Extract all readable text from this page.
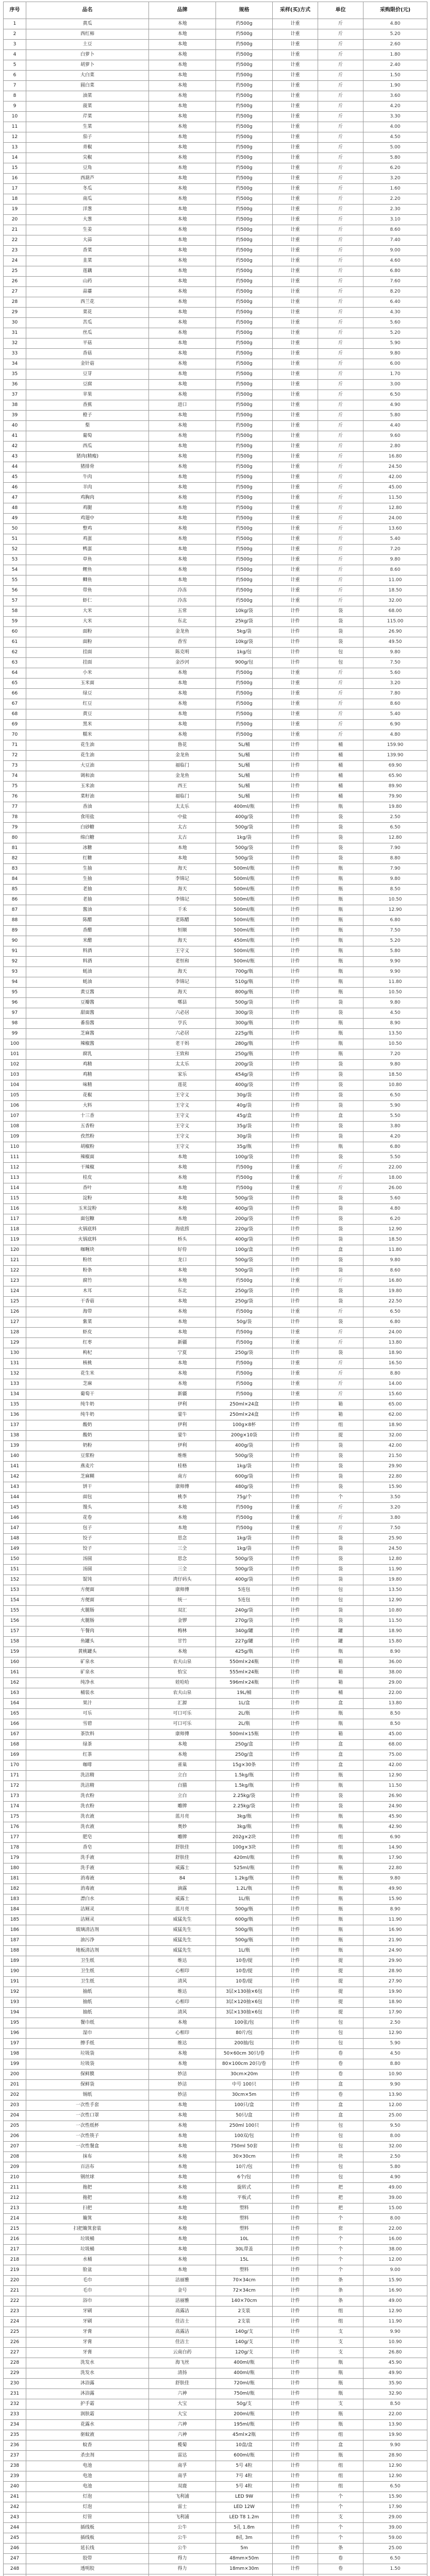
序号	品名	品牌	规格	采样(买)方式	单位	采购限价(元)
1	黄瓜	本地	约500g	计重	斤	4.80
2	西红柿	本地	约500g	计重	斤	5.20
3	土豆	本地	约500g	计重	斤	2.60
4	白萝卜	本地	约500g	计重	斤	1.80
5	胡萝卜	本地	约500g	计重	斤	2.40
6	大白菜	本地	约500g	计重	斤	1.50
7	圆白菜	本地	约500g	计重	斤	1.90
8	油菜	本地	约500g	计重	斤	3.60
9	菠菜	本地	约500g	计重	斤	4.20
10	芹菜	本地	约500g	计重	斤	3.30
11	生菜	本地	约500g	计重	斤	4.00
12	茄子	本地	约500g	计重	斤	4.50
13	青椒	本地	约500g	计重	斤	5.00
14	尖椒	本地	约500g	计重	斤	5.80
15	豆角	本地	约500g	计重	斤	6.20
16	西葫芦	本地	约500g	计重	斤	3.20
17	冬瓜	本地	约500g	计重	斤	1.60
18	南瓜	本地	约500g	计重	斤	2.20
19	洋葱	本地	约500g	计重	斤	2.30
20	大葱	本地	约500g	计重	斤	3.10
21	生姜	本地	约500g	计重	斤	8.60
22	大蒜	本地	约500g	计重	斤	7.40
23	香菜	本地	约500g	计重	斤	9.00
24	韭菜	本地	约500g	计重	斤	4.60
25	莲藕	本地	约500g	计重	斤	6.80
26	山药	本地	约500g	计重	斤	7.60
27	蒜薹	本地	约500g	计重	斤	8.20
28	西兰花	本地	约500g	计重	斤	6.40
29	菜花	本地	约500g	计重	斤	4.30
30	苦瓜	本地	约500g	计重	斤	5.60
31	丝瓜	本地	约500g	计重	斤	5.20
32	平菇	本地	约500g	计重	斤	5.90
33	香菇	本地	约500g	计重	斤	9.80
34	金针菇	本地	约500g	计重	斤	6.00
35	豆芽	本地	约500g	计重	斤	1.70
36	豆腐	本地	约500g	计重	斤	3.00
37	苹果	本地	约500g	计重	斤	6.50
38	香蕉	进口	约500g	计重	斤	4.90
39	橙子	本地	约500g	计重	斤	5.80
40	梨	本地	约500g	计重	斤	4.40
41	葡萄	本地	约500g	计重	斤	9.60
42	西瓜	本地	约500g	计重	斤	2.80
43	猪肉(精瘦)	本地	约500g	计重	斤	16.80
44	猪排骨	本地	约500g	计重	斤	24.50
45	牛肉	本地	约500g	计重	斤	42.00
46	羊肉	本地	约500g	计重	斤	45.00
47	鸡胸肉	本地	约500g	计重	斤	11.50
48	鸡腿	本地	约500g	计重	斤	12.80
49	鸡翅中	本地	约500g	计重	斤	24.00
50	整鸡	本地	约500g	计重	斤	13.60
51	鸡蛋	本地	约500g	计重	斤	5.40
52	鸭蛋	本地	约500g	计重	斤	7.20
53	草鱼	本地	约500g	计重	斤	9.80
54	鲤鱼	本地	约500g	计重	斤	8.60
55	鲫鱼	本地	约500g	计重	斤	11.00
56	带鱼	冷冻	约500g	计重	斤	18.50
57	虾仁	冷冻	约500g	计重	斤	32.00
58	大米	五常	10kg/袋	计件	袋	68.00
59	大米	东北	25kg/袋	计件	袋	115.00
60	面粉	金龙鱼	5kg/袋	计件	袋	26.90
61	面粉	香雪	10kg/袋	计件	袋	49.50
62	挂面	陈克明	1kg/包	计件	包	9.80
63	挂面	金沙河	900g/包	计件	包	7.50
64	小米	本地	约500g	计重	斤	5.60
65	玉米面	本地	约500g	计重	斤	3.20
66	绿豆	本地	约500g	计重	斤	7.80
67	红豆	本地	约500g	计重	斤	8.60
68	黄豆	本地	约500g	计重	斤	5.40
69	黑米	本地	约500g	计重	斤	6.90
70	糯米	本地	约500g	计重	斤	4.80
71	花生油	鲁花	5L/桶	计件	桶	159.90
72	花生油	金龙鱼	5L/桶	计件	桶	139.90
73	大豆油	福临门	5L/桶	计件	桶	69.90
74	调和油	金龙鱼	5L/桶	计件	桶	65.90
75	玉米油	西王	5L/桶	计件	桶	89.90
76	菜籽油	福临门	5L/桶	计件	桶	79.90
77	香油	太太乐	400ml/瓶	计件	瓶	19.80
78	食用盐	中盐	400g/袋	计件	袋	2.50
79	白砂糖	太古	500g/袋	计件	袋	6.50
80	绵白糖	太古	1kg/袋	计件	袋	12.80
81	冰糖	本地	500g/袋	计件	袋	7.90
82	红糖	本地	500g/袋	计件	袋	8.80
83	生抽	海天	500ml/瓶	计件	瓶	7.90
84	生抽	李锦记	500ml/瓶	计件	瓶	9.80
85	老抽	海天	500ml/瓶	计件	瓶	8.50
86	老抽	李锦记	500ml/瓶	计件	瓶	10.50
87	酱油	千禾	500ml/瓶	计件	瓶	12.90
88	陈醋	老陈醋	500ml/瓶	计件	瓶	6.80
89	香醋	恒顺	500ml/瓶	计件	瓶	7.50
90	米醋	海天	450ml/瓶	计件	瓶	5.20
91	料酒	王守义	500ml/瓶	计件	瓶	5.80
92	料酒	老恒和	500ml/瓶	计件	瓶	9.90
93	蚝油	海天	700g/瓶	计件	瓶	9.90
94	蚝油	李锦记	510g/瓶	计件	瓶	11.80
95	黄豆酱	海天	800g/瓶	计件	瓶	10.50
96	豆瓣酱	郫县	500g/袋	计件	袋	9.80
97	甜面酱	六必居	300g/袋	计件	袋	4.50
98	番茄酱	亨氏	300g/瓶	计件	瓶	8.90
99	芝麻酱	六必居	225g/瓶	计件	瓶	13.50
100	辣椒酱	老干妈	280g/瓶	计件	瓶	10.50
101	腐乳	王致和	250g/瓶	计件	瓶	7.20
102	鸡精	太太乐	200g/袋	计件	袋	9.80
103	鸡精	家乐	454g/袋	计件	袋	18.50
104	味精	莲花	400g/袋	计件	袋	10.80
105	花椒	王守义	30g/袋	计件	袋	6.50
106	大料	王守义	40g/袋	计件	袋	5.90
107	十三香	王守义	45g/盒	计件	盒	5.50
108	五香粉	王守义	35g/袋	计件	袋	3.80
109	孜然粉	王守义	30g/袋	计件	袋	4.20
110	胡椒粉	王守义	35g/瓶	计件	瓶	6.80
111	辣椒面	本地	100g/袋	计件	袋	5.50
112	干辣椒	本地	约500g	计重	斤	22.00
113	桂皮	本地	约500g	计重	斤	18.00
114	香叶	本地	约500g	计重	斤	26.00
115	淀粉	本地	500g/袋	计件	袋	5.60
116	玉米淀粉	本地	400g/袋	计件	袋	4.80
117	面包糠	本地	200g/袋	计件	袋	6.20
118	火锅底料	海底捞	220g/袋	计件	袋	12.90
119	火锅底料	桥头	400g/袋	计件	袋	18.50
120	咖喱块	好侍	100g/盒	计件	盒	11.80
121	粉丝	龙口	500g/袋	计件	袋	9.80
122	粉条	本地	500g/袋	计件	袋	8.60
123	腐竹	本地	约500g	计重	斤	16.80
124	木耳	东北	250g/袋	计件	袋	19.80
125	干香菇	本地	250g/袋	计件	袋	22.50
126	海带	本地	约500g	计重	斤	6.50
127	紫菜	本地	50g/袋	计件	袋	6.80
128	虾皮	本地	约500g	计重	斤	24.00
129	红枣	新疆	约500g	计重	斤	13.80
130	枸杞	宁夏	250g/袋	计件	袋	18.90
131	核桃	本地	约500g	计重	斤	16.50
132	花生米	本地	约500g	计重	斤	8.80
133	芝麻	本地	约500g	计重	斤	14.00
134	葡萄干	新疆	约500g	计重	斤	15.60
135	纯牛奶	伊利	250ml×24盒	计件	箱	65.00
136	纯牛奶	蒙牛	250ml×24盒	计件	箱	62.00
137	酸奶	伊利	100g×8杯	计件	组	18.90
138	酸奶	蒙牛	200g×10袋	计件	提	32.00
139	奶粉	伊利	400g/袋	计件	袋	42.00
140	豆浆粉	维维	500g/袋	计件	袋	21.50
141	燕麦片	桂格	1kg/袋	计件	袋	29.90
142	芝麻糊	南方	600g/袋	计件	袋	22.80
143	饼干	康师傅	480g/袋	计件	袋	15.90
144	面包	桃李	75g/个	计件	个	3.50
145	馒头	本地	约500g	计重	斤	3.20
146	花卷	本地	约500g	计重	斤	3.80
147	包子	本地	约500g	计重	斤	7.50
148	饺子	思念	1kg/袋	计件	袋	25.90
149	饺子	三全	1kg/袋	计件	袋	24.50
150	汤圆	思念	500g/袋	计件	袋	12.80
151	汤圆	三全	500g/袋	计件	袋	11.90
152	馄饨	湾仔码头	400g/袋	计件	袋	19.80
153	方便面	康师傅	5连包	计件	包	13.50
154	方便面	统一	5连包	计件	包	12.90
155	火腿肠	双汇	240g/袋	计件	袋	10.80
156	火腿肠	金锣	270g/袋	计件	袋	11.50
157	午餐肉	梅林	340g/罐	计件	罐	18.90
158	鱼罐头	甘竹	227g/罐	计件	罐	15.80
159	黄桃罐头	本地	425g/瓶	计件	瓶	8.90
160	矿泉水	农夫山泉	550ml×24瓶	计件	箱	36.00
161	矿泉水	怡宝	555ml×24瓶	计件	箱	38.00
162	纯净水	娃哈哈	596ml×24瓶	计件	箱	29.00
163	桶装水	农夫山泉	19L/桶	计件	桶	22.00
164	果汁	汇源	1L/盒	计件	盒	13.80
165	可乐	可口可乐	2L/瓶	计件	瓶	8.50
166	雪碧	可口可乐	2L/瓶	计件	瓶	8.50
167	茶饮料	康师傅	500ml×15瓶	计件	箱	45.00
168	绿茶	本地	250g/盒	计件	盒	68.00
169	红茶	本地	250g/盒	计件	盒	75.00
170	咖啡	雀巢	15g×30条	计件	盒	42.00
171	洗洁精	立白	1.5kg/瓶	计件	瓶	12.90
172	洗洁精	白猫	1.5kg/瓶	计件	瓶	11.50
173	洗衣粉	立白	2.25kg/袋	计件	袋	26.90
174	洗衣粉	雕牌	2.25kg/袋	计件	袋	24.90
175	洗衣液	蓝月亮	3kg/瓶	计件	瓶	45.90
176	洗衣液	奥妙	3kg/瓶	计件	瓶	42.90
177	肥皂	雕牌	202g×2块	计件	组	6.90
178	香皂	舒肤佳	100g×3块	计件	组	14.90
179	洗手液	舒肤佳	420ml/瓶	计件	瓶	17.90
180	洗手液	威露士	525ml/瓶	计件	瓶	22.80
181	消毒液	84	1.2kg/瓶	计件	瓶	9.80
182	消毒液	滴露	1.2L/瓶	计件	瓶	49.90
183	漂白水	威露士	1L/瓶	计件	瓶	15.90
184	洁厕灵	蓝月亮	500g/瓶	计件	瓶	8.90
185	洁厕灵	威猛先生	600g/瓶	计件	瓶	11.90
186	玻璃清洁剂	威猛先生	500g/瓶	计件	瓶	16.90
187	油污净	威猛先生	500g/瓶	计件	瓶	21.90
188	地板清洁剂	威猛先生	1L/瓶	计件	瓶	24.90
189	卫生纸	维达	10卷/提	计件	提	29.90
190	卫生纸	心相印	10卷/提	计件	提	28.90
191	卫生纸	清风	10卷/提	计件	提	27.90
192	抽纸	维达	3层×130抽×6包	计件	提	19.90
193	抽纸	心相印	3层×120抽×6包	计件	提	18.90
194	抽纸	清风	3层×130抽×6包	计件	提	17.90
195	餐巾纸	本地	100张/包	计件	包	2.50
196	湿巾	心相印	80片/包	计件	包	12.90
197	擦手纸	维达	200抽/包	计件	包	5.90
198	垃圾袋	本地	50×60cm 30只/卷	计件	卷	4.50
199	垃圾袋	本地	80×100cm 20只/卷	计件	卷	8.80
200	保鲜膜	妙洁	30cm×20m	计件	卷	10.90
201	保鲜袋	妙洁	中号 100只	计件	盒	9.90
202	锡纸	妙洁	30cm×5m	计件	卷	13.90
203	一次性手套	本地	100只/盒	计件	盒	12.00
204	一次性口罩	本地	50只/盒	计件	盒	25.00
205	一次性纸杯	本地	250ml 100只	计件	包	9.50
206	一次性筷子	本地	100双/包	计件	包	8.00
207	一次性餐盒	本地	750ml 50套	计件	包	32.00
208	抹布	本地	30×30cm	计件	块	2.50
209	百洁布	本地	10片/包	计件	包	5.80
210	钢丝球	本地	6个/包	计件	包	4.90
211	拖把	本地	旋转式	计件	把	49.00
212	拖把	本地	平板式	计件	把	39.00
213	扫把	本地	塑料	计件	把	15.00
214	簸箕	本地	塑料	计件	个	8.00
215	扫把簸箕套装	本地	塑料	计件	套	22.00
216	垃圾桶	本地	10L	计件	个	16.00
217	垃圾桶	本地	30L带盖	计件	个	38.00
218	水桶	本地	15L	计件	个	12.00
219	脸盆	本地	塑料	计件	个	9.00
220	毛巾	洁丽雅	70×34cm	计件	条	15.90
221	毛巾	金号	72×34cm	计件	条	16.90
222	浴巾	洁丽雅	140×70cm	计件	条	49.00
223	牙刷	高露洁	2支装	计件	组	12.90
224	牙刷	佳洁士	2支装	计件	组	11.90
225	牙膏	高露洁	140g/支	计件	支	9.90
226	牙膏	佳洁士	140g/支	计件	支	10.90
227	牙膏	云南白药	120g/支	计件	支	26.80
228	洗发水	海飞丝	400ml/瓶	计件	瓶	45.90
229	洗发水	清扬	400ml/瓶	计件	瓶	49.90
230	沐浴露	舒肤佳	720ml/瓶	计件	瓶	35.90
231	沐浴露	六神	750ml/瓶	计件	瓶	32.90
232	护手霜	大宝	50g/支	计件	支	8.50
233	润肤霜	大宝	200ml/瓶	计件	瓶	22.00
234	花露水	六神	195ml/瓶	计件	瓶	13.90
235	驱蚊液	六神	45ml×2瓶	计件	组	19.90
236	蚊香	榄菊	10盘/盒	计件	盒	9.90
237	杀虫剂	雷达	600ml/瓶	计件	瓶	28.90
238	电池	南孚	5号 4粒	计件	组	12.90
239	电池	南孚	7号 4粒	计件	组	12.90
240	电池	双鹿	5号 4粒	计件	组	6.50
241	灯泡	飞利浦	LED 9W	计件	个	15.90
242	灯泡	雷士	LED 12W	计件	个	17.90
243	灯管	飞利浦	LED T8 1.2m	计件	支	29.00
244	插线板	公牛	5孔 1.8m	计件	个	39.00
245	插线板	公牛	8孔 3m	计件	个	59.00
246	延长线	公牛	5m	计件	条	25.00
247	胶带	得力	48mm×50m	计件	卷	6.50
248	透明胶	得力	18mm×30m	计件	卷	1.50
